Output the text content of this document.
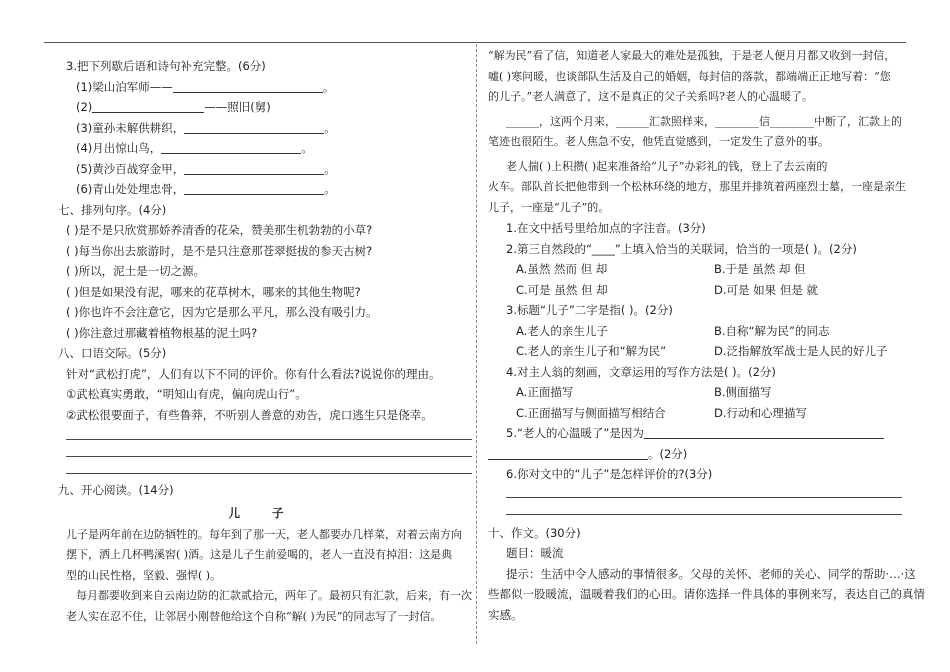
3.把下列歇后语和诗句补充完整。(6分)
(1)梁山泊军师——	。
(2)	——照旧(舅)
(3)童孙未解供耕织，	。
(4)月出惊山鸟，	。
(5)黄沙百战穿金甲，	。
(6)青山处处埋忠骨，	。
七、排列句序。(4分)
( )是不是只欣赏那娇养清香的花朵，赞美那生机勃勃的小草?
( )每当你出去旅游时，是不是只注意那苍翠挺拔的参天古树?
( )所以，泥土是一切之源。
( )但是如果没有泥，哪来的花草树木，哪来的其他生物呢?
( )你也许不会注意它，因为它是那么平凡，那么没有吸引力。
( )你注意过那藏着植物根基的泥土吗?
八、口语交际。(5分)
针对“武松打虎”，人们有以下不同的评价。你有什么看法?说说你的理由。
①武松真实勇敢，“明知山有虎，偏向虎山行”。
②武松很要面子，有些鲁莽，不听别人善意的劝告，虎口逃生只是侥幸。
九、开心阅读。(14分)
儿 子
儿子是两年前在边防牺牲的。每年到了那一天，老人都要办几样菜，对着云南方向
摆下，洒上几杯鸭溪窖( )酒。这是儿子生前爱喝的，老人一直没有掉泪：这是典
型的山民性格，坚毅、强悍( )。
每月都要收到来自云南边防的汇款贰拾元，两年了。最初只有汇款，后来，有一次
老人实在忍不住，让邻居小刚替他给这个自称“解( )为民”的同志写了一封信。
“解为民”看了信，知道老人家最大的难处是孤独，于是老人便月月都又收到一封信，
嘘( )寒问暖，也谈部队生活及自己的婚姻，每封信的落款，都端端正正地写着：“您
的儿子。”老人满意了，这不是真正的父子关系吗?老人的心温暖了。
______，这两个月来，______汇款照样来，________信________中断了，汇款上的
笔迹也很陌生。老人焦急不安，他凭直觉感到，一定发生了意外的事。
老人揣( )上积攒( )起来准备给“儿子”办彩礼的钱，登上了去云南的
火车。部队首长把他带到一个松林环绕的地方，那里并排筑着两座烈士墓，一座是亲生
儿子，一座是“儿子”的。
1.在文中括号里给加点的字注音。(3分)
2.第三自然段的“____”上填入恰当的关联词，恰当的一项是( )。(2分)
A.虽然 然而 但 却	B.于是 虽然 却 但
C.可是 虽然 但 却	D.可是 如果 但是 就
3.标题“儿子”二字是指( )。(2分)
A.老人的亲生儿子	B.自称“解为民”的同志
C.老人的亲生儿子和“解为民”	D.泛指解放军战士是人民的好儿子
4.对主人翁的刻画，文章运用的写作方法是( )。(2分)
A.正面描写	B.侧面描写
C.正面描写与侧面描写相结合	D.行动和心理描写
5.“老人的心温暖了”是因为
。(2分)
6.你对文中的“儿子”是怎样评价的?(3分)
十、作文。(30分)
题目：暖流
提示：生活中令人感动的事情很多。父母的关怀、老师的关心、同学的帮助·…·这
些都似一股暖流，温暖着我们的心田。请你选择一件具体的事例来写，表达自己的真情
实感。
